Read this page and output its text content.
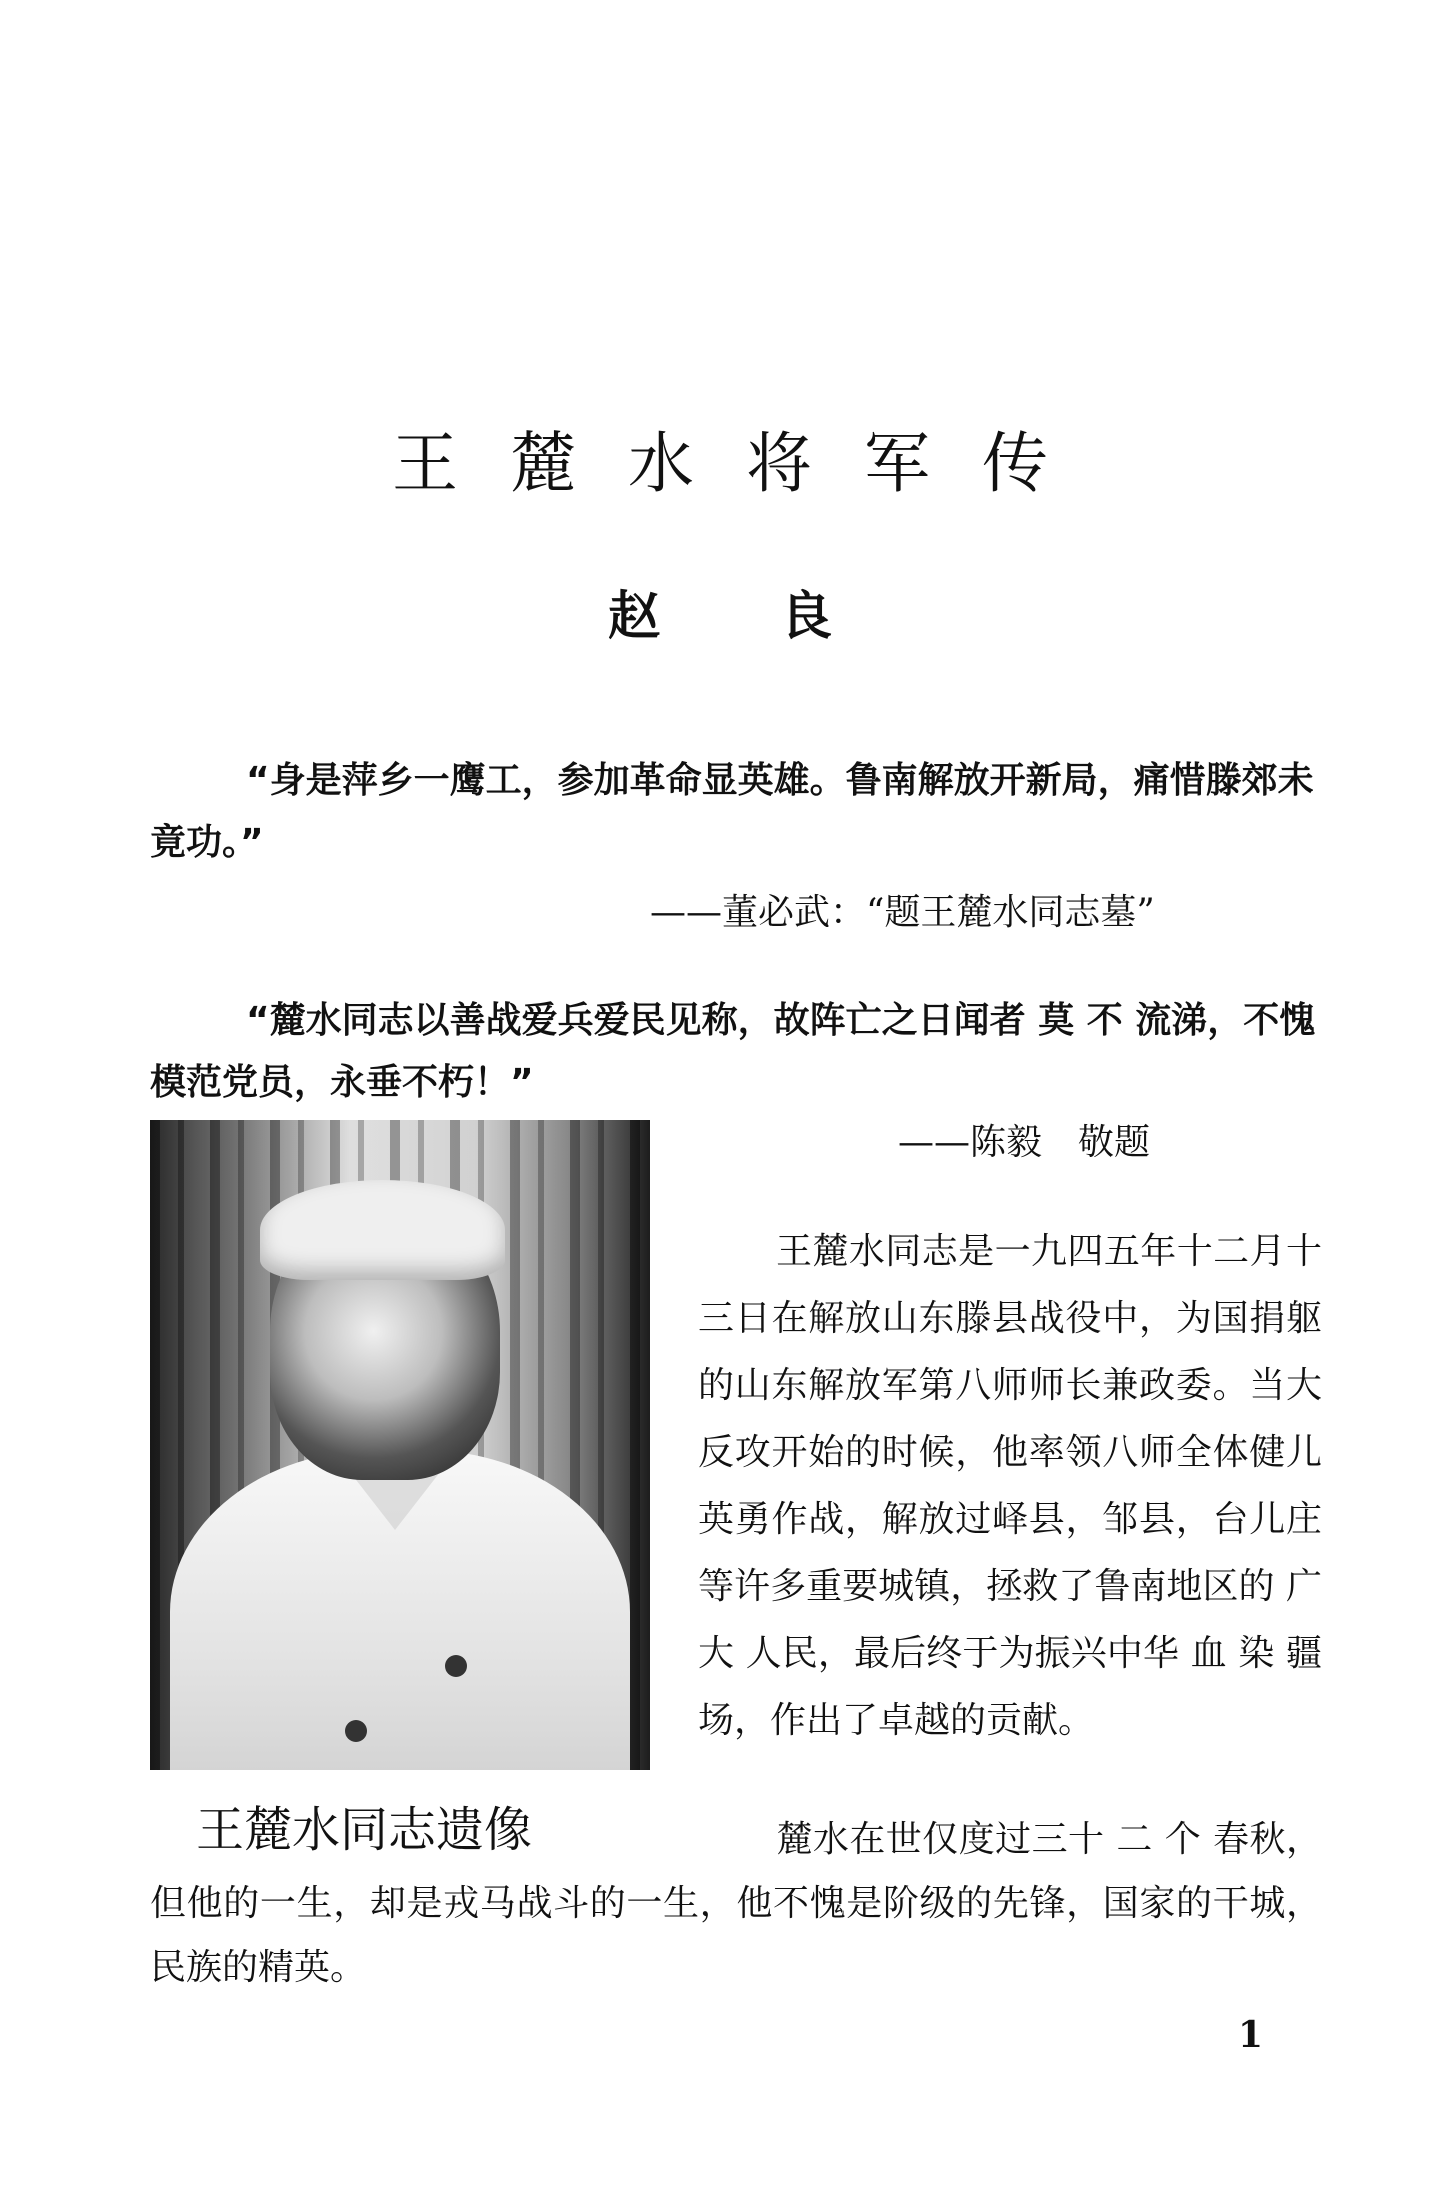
王麓水将军传
赵良
“身是萍乡一鹰工，参加革命显英雄。鲁南解放开新局，痛惜滕郊未竟功。”
——董必武：“题王麓水同志墓”
“麓水同志以善战爱兵爱民见称，故阵亡之日闻者 莫 不 流涕，不愧模范党员，永垂不朽！”
——陈毅　敬题
王麓水同志遗像
王麓水同志是一九四五年十二月十三日在解放山东滕县战役中，为国捐躯的山东解放军第八师师长兼政委。当大反攻开始的时候，他率领八师全体健儿英勇作战，解放过峄县，邹县，台儿庄等许多重要城镇，拯救了鲁南地区的 广 大 人民，最后终于为振兴中华 血 染 疆场，作出了卓越的贡献。
麓水在世仅度过三十 二 个 春秋，但他的一生，却是戎马战斗的一生，他不愧是阶级的先锋，国家的干城，民族的精英。
1
